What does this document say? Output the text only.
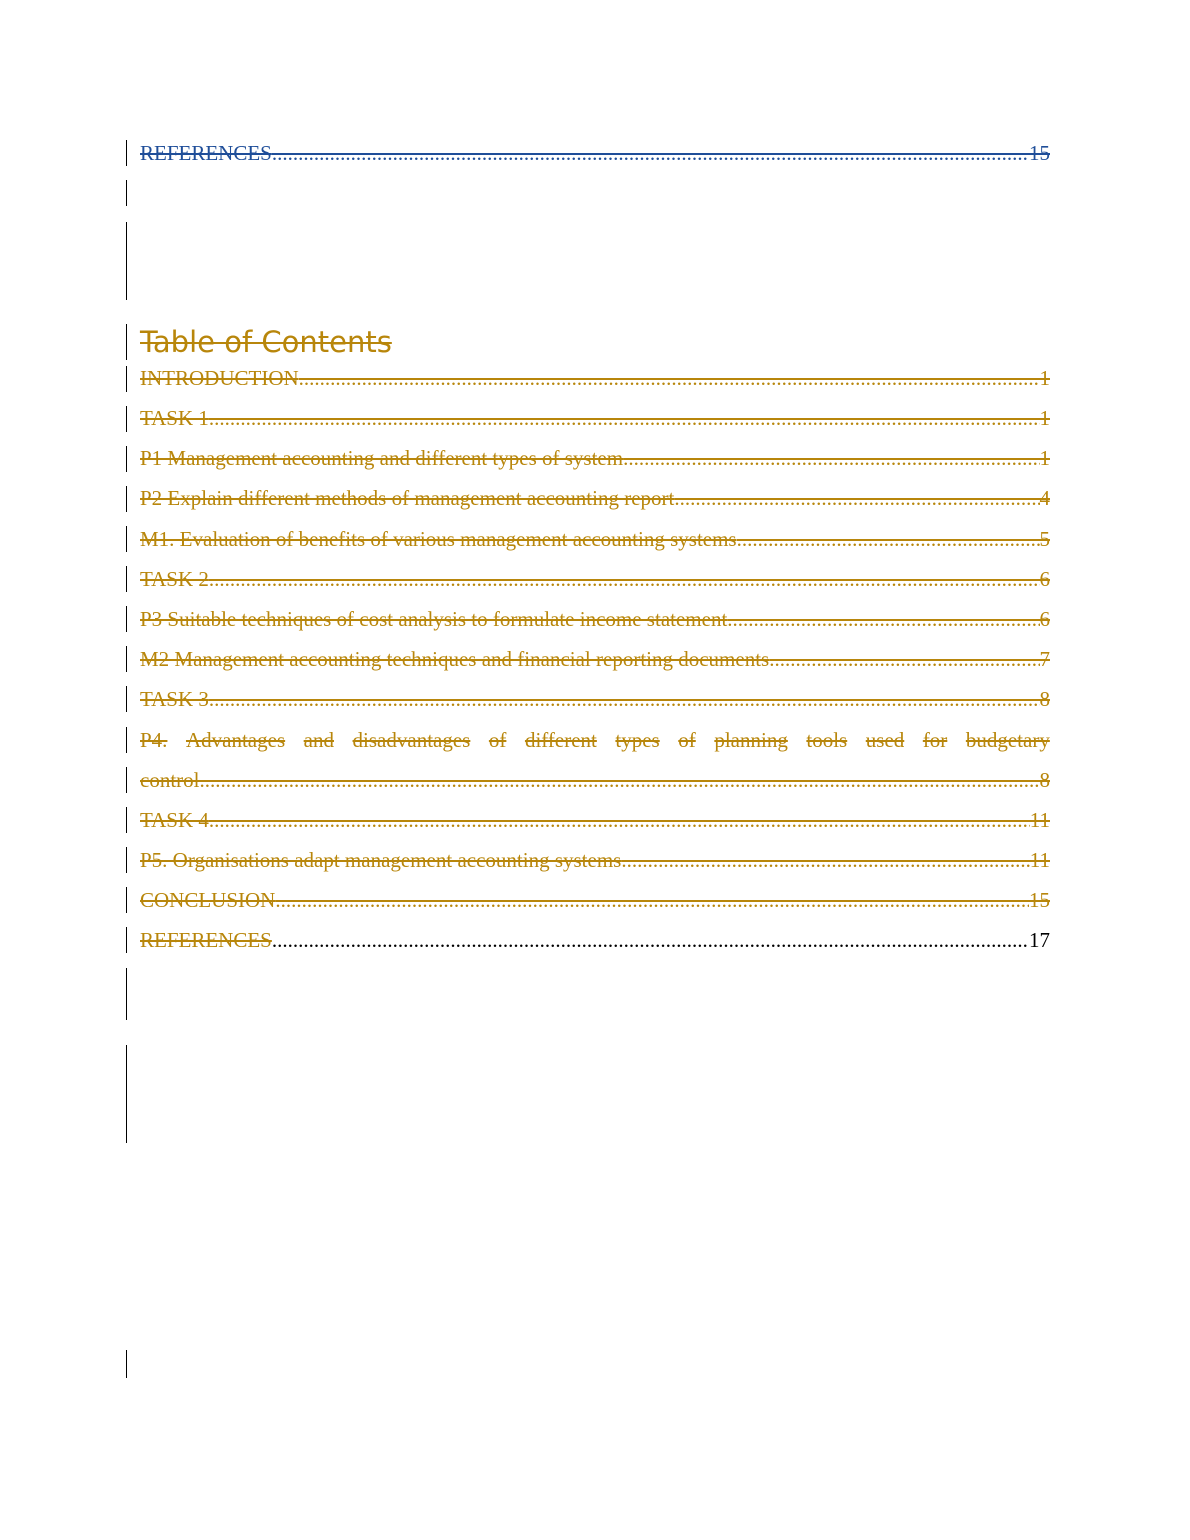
REFERENCES .....	15
Table of Contents
INTRODUCTION .....	1
TASK 1 .....	1
P1 Management accounting and different types of system .....	1
P2 Explain different methods of management accounting report .....	4
M1. Evaluation of benefits of various management accounting systems .....	5
TASK 2 .....	6
P3 Suitable techniques of cost analysis to formulate income statement .....	6
M2 Management accounting techniques and financial reporting documents .....	7
TASK 3 .....	8
P4. Advantages and disadvantages of different types of planning tools used for budgetary
control .....	8
TASK 4 .....	11
P5. Organisations adapt management accounting systems .....	11
CONCLUSION .....	15
REFERENCES .....	17
